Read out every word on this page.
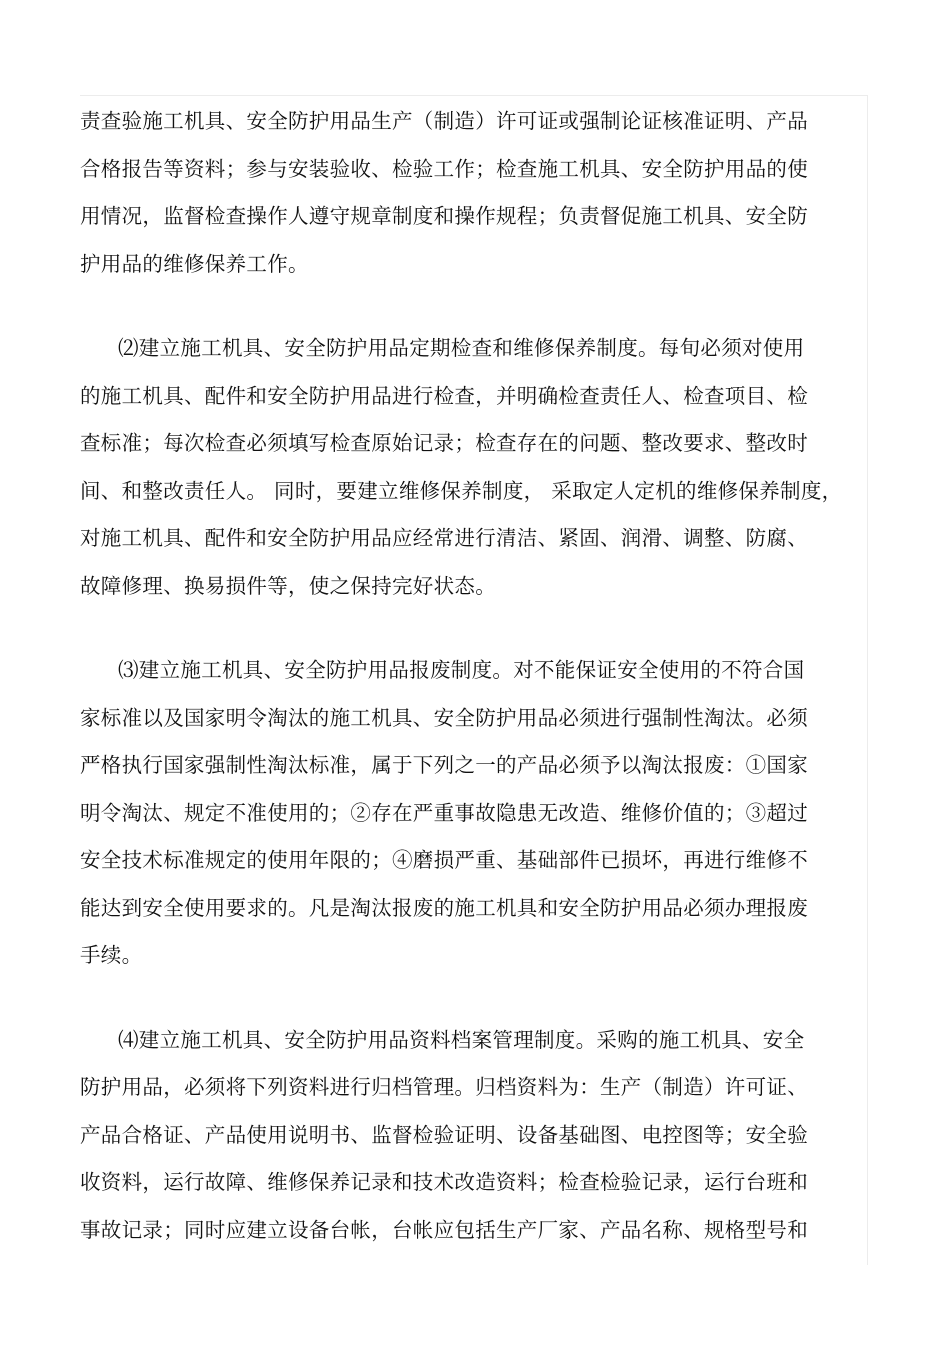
责查验施工机具、安全防护用品生产（制造）许可证或强制论证核准证明、产品
合格报告等资料；参与安装验收、检验工作；检查施工机具、安全防护用品的使
用情况，监督检查操作人遵守规章制度和操作规程；负责督促施工机具、安全防
护用品的维修保养工作。
⑵建立施工机具、安全防护用品定期检查和维修保养制度。每旬必须对使用
的施工机具、配件和安全防护用品进行检查，并明确检查责任人、检查项目、检
查标准；每次检查必须填写检查原始记录；检查存在的问题、整改要求、整改时
间、和整改责任人。 同时，要建立维修保养制度， 采取定人定机的维修保养制度，
对施工机具、配件和安全防护用品应经常进行清洁、紧固、润滑、调整、防腐、
故障修理、换易损件等，使之保持完好状态。
⑶建立施工机具、安全防护用品报废制度。对不能保证安全使用的不符合国
家标准以及国家明令淘汰的施工机具、安全防护用品必须进行强制性淘汰。必须
严格执行国家强制性淘汰标准，属于下列之一的产品必须予以淘汰报废：①国家
明令淘汰、规定不准使用的；②存在严重事故隐患无改造、维修价值的；③超过
安全技术标准规定的使用年限的；④磨损严重、基础部件已损坏，再进行维修不
能达到安全使用要求的。凡是淘汰报废的施工机具和安全防护用品必须办理报废
手续。
⑷建立施工机具、安全防护用品资料档案管理制度。采购的施工机具、安全
防护用品，必须将下列资料进行归档管理。归档资料为：生产（制造）许可证、
产品合格证、产品使用说明书、监督检验证明、设备基础图、电控图等；安全验
收资料，运行故障、维修保养记录和技术改造资料；检查检验记录，运行台班和
事故记录；同时应建立设备台帐，台帐应包括生产厂家、产品名称、规格型号和
